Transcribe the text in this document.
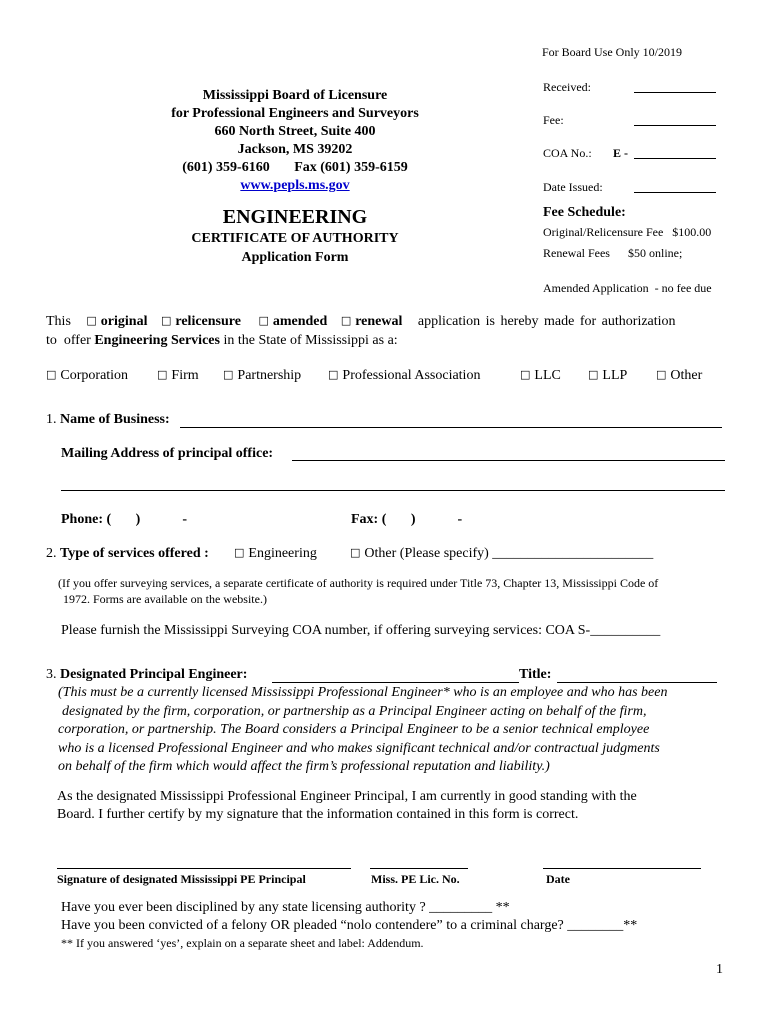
For Board Use Only 10/2019
Mississippi Board of Licensure
for Professional Engineers and Surveyors
660 North Street, Suite 400
Jackson, MS 39202
(601) 359-6160       Fax (601) 359-6159
www.pepls.ms.gov
ENGINEERING
CERTIFICATE OF AUTHORITY
Application Form
Received:
Fee:
COA No.: E -
Date Issued:
Fee Schedule:
Original/Relicensure Fee   $100.00
Renewal Fees      $50 online;
Amended Application  - no fee due
This □ original □ relicensure □ amended □ renewal application is hereby made for authorization
to  offer Engineering Services in the State of Mississippi as a:
□ Corporation	□ Firm □ Partnership □ Professional Association	□ LLC □ LLP	□ Other
1. Name of Business:
Mailing Address of principal office:
Phone: (       )            -	Fax: (       )            -
2. Type of services offered : □ Engineering	□ Other (Please specify) _______________________
(If you offer surveying services, a separate certificate of authority is required under Title 73, Chapter 13, Mississippi Code of
1972. Forms are available on the website.)
Please furnish the Mississippi Surveying COA number, if offering surveying services: COA S-__________
3. Designated Principal Engineer:	Title:
(This must be a currently licensed Mississippi Professional Engineer* who is an employee and who has been
designated by the firm, corporation, or partnership as a Principal Engineer acting on behalf of the firm,
corporation, or partnership. The Board considers a Principal Engineer to be a senior technical employee
who is a licensed Professional Engineer and who makes significant technical and/or contractual judgments
on behalf of the firm which would affect the firm’s professional reputation and liability.)
As the designated Mississippi Professional Engineer Principal, I am currently in good standing with the
Board. I further certify by my signature that the information contained in this form is correct.
Signature of designated Mississippi PE Principal	Miss. PE Lic. No.	Date
Have you ever been disciplined by any state licensing authority ? _________ **
Have you been convicted of a felony OR pleaded “nolo contendere” to a criminal charge? ________**
** If you answered ‘yes’, explain on a separate sheet and label: Addendum.
1
